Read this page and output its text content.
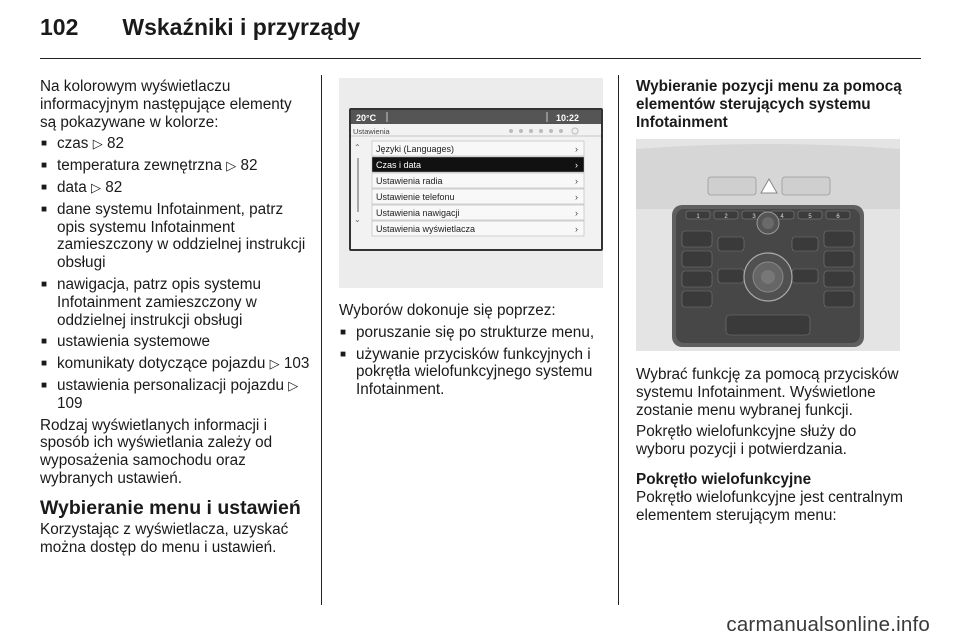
102 Wskaźniki i przyrządy

Na kolorowym wyświetlaczu informacyjnym następujące elementy są pokazywane w kolorze:

■ czas ▷ 82
■ temperatura zewnętrzna ▷ 82
■ data ▷ 82
■ dane systemu Infotainment, patrz opis systemu Infotainment zamieszczony w oddzielnej instrukcji obsługi
■ nawigacja, patrz opis systemu Infotainment zamieszczony w oddzielnej instrukcji obsługi
■ ustawienia systemowe
■ komunikaty dotyczące pojazdu ▷ 103
■ ustawienia personalizacji pojazdu ▷ 109

Rodzaj wyświetlanych informacji i sposób ich wyświetlania zależy od wyposażenia samochodu oraz wybranych ustawień.

Wybieranie menu i ustawień

Korzystając z wyświetlacza, uzyskać można dostęp do menu i ustawień.

20°C	10:22
Ustawienia
⌃
⌄
Języki (Languages)	›
Czas i data	›
Ustawienia radia	›
Ustawienie telefonu	›
Ustawienia nawigacji	›
Ustawienia wyświetlacza	›

Wyborów dokonuje się poprzez:

■ poruszanie się po strukturze menu,
■ używanie przycisków funkcyjnych i pokrętła wielofunkcyjnego systemu Infotainment.
Wybieranie pozycji menu za pomocą elementów sterujących systemu Infotainment
1	2	3	4	5	6

Wybrać funkcję za pomocą przycisków systemu Infotainment. Wyświetlone zostanie menu wybranej funkcji.

Pokrętło wielofunkcyjne służy do wyboru pozycji i potwierdzania.

Pokrętło wielofunkcyjne

Pokrętło wielofunkcyjne jest centralnym elementem sterującym menu:

carmanualsonline.info
